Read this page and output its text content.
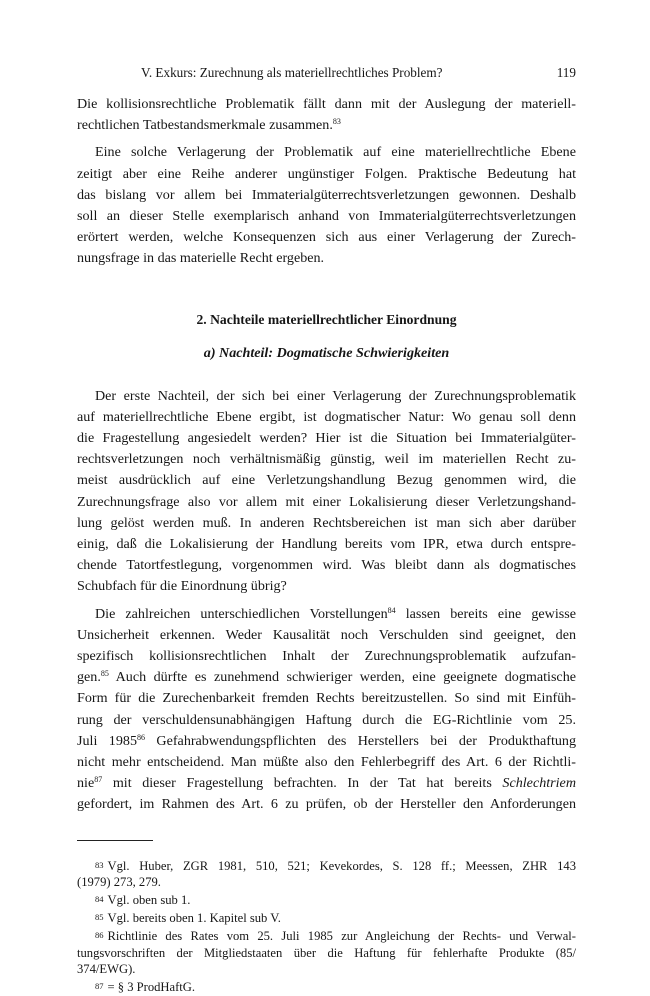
V. Exkurs: Zurechnung als materiellrechtliches Problem?	119
Die kollisionsrechtliche Problematik fällt dann mit der Auslegung der materiell-
rechtlichen Tatbestandsmerkmale zusammen.$^{83}$
Eine solche Verlagerung der Problematik auf eine materiellrechtliche Ebene
zeitigt aber eine Reihe anderer ungünstiger Folgen. Praktische Bedeutung hat
das bislang vor allem bei Immaterialgüterrechtsverletzungen gewonnen. Deshalb
soll an dieser Stelle exemplarisch anhand von Immaterialgüterrechtsverletzungen
erörtert werden, welche Konsequenzen sich aus einer Verlagerung der Zurech-
nungsfrage in das materielle Recht ergeben.
2. Nachteile materiellrechtlicher Einordnung
a) Nachteil: Dogmatische Schwierigkeiten
Der erste Nachteil, der sich bei einer Verlagerung der Zurechnungsproblematik
auf materiellrechtliche Ebene ergibt, ist dogmatischer Natur: Wo genau soll denn
die Fragestellung angesiedelt werden? Hier ist die Situation bei Immaterialgüter-
rechtsverletzungen noch verhältnismäßig günstig, weil im materiellen Recht zu-
meist ausdrücklich auf eine Verletzungshandlung Bezug genommen wird, die
Zurechnungsfrage also vor allem mit einer Lokalisierung dieser Verletzungshand-
lung gelöst werden muß. In anderen Rechtsbereichen ist man sich aber darüber
einig, daß die Lokalisierung der Handlung bereits vom IPR, etwa durch entspre-
chende Tatortfestlegung, vorgenommen wird. Was bleibt dann als dogmatisches
Schubfach für die Einordnung übrig?
Die zahlreichen unterschiedlichen Vorstellungen$^{84}$ lassen bereits eine gewisse
Unsicherheit erkennen. Weder Kausalität noch Verschulden sind geeignet, den
spezifisch kollisionsrechtlichen Inhalt der Zurechnungsproblematik aufzufan-
gen.$^{85}$ Auch dürfte es zunehmend schwieriger werden, eine geeignete dogmatische
Form für die Zurechenbarkeit fremden Rechts bereitzustellen. So sind mit Einfüh-
rung der verschuldensunabhängigen Haftung durch die EG-Richtlinie vom 25.
Juli 1985$^{86}$ Gefahrabwendungspflichten des Herstellers bei der Produkthaftung
nicht mehr entscheidend. Man müßte also den Fehlerbegriff des Art. 6 der Richtli-
nie$^{87}$ mit dieser Fragestellung befrachten. In der Tat hat bereits Schlechtriem
gefordert, im Rahmen des Art. 6 zu prüfen, ob der Hersteller den Anforderungen
83 Vgl. Huber, ZGR 1981, 510, 521; Kevekordes, S. 128 ff.; Meessen, ZHR 143
(1979) 273, 279.
84 Vgl. oben sub 1.
85 Vgl. bereits oben 1. Kapitel sub V.
86 Richtlinie des Rates vom 25. Juli 1985 zur Angleichung der Rechts- und Verwal-
tungsvorschriften der Mitgliedstaaten über die Haftung für fehlerhafte Produkte (85/
374/EWG).
87 = § 3 ProdHaftG.
